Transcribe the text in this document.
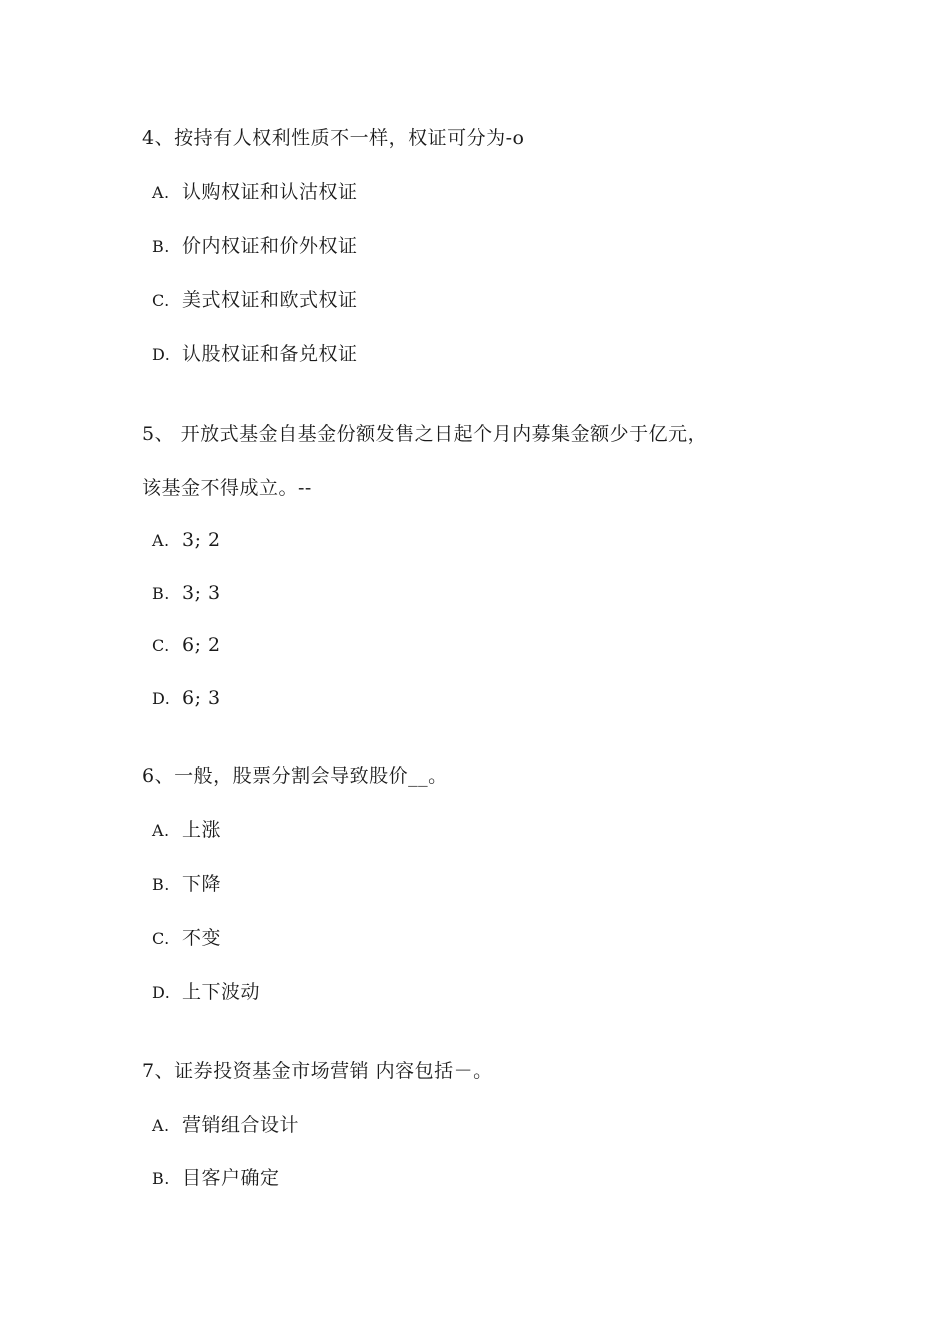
4、按持有人权利性质不一样，权证可分为-o
A. 认购权证和认沽权证
B. 价内权证和价外权证
C. 美式权证和欧式权证
D. 认股权证和备兑权证
5、 开放式基金自基金份额发售之日起个月内募集金额少于亿元，
该基金不得成立。--
A. 3; 2
B. 3; 3
C. 6; 2
D. 6; 3
6、一般，股票分割会导致股价__。
A. 上涨
B. 下降
C. 不变
D. 上下波动
7、证券投资基金市场营销 内容包括－。
A. 营销组合设计
B. 目客户确定
